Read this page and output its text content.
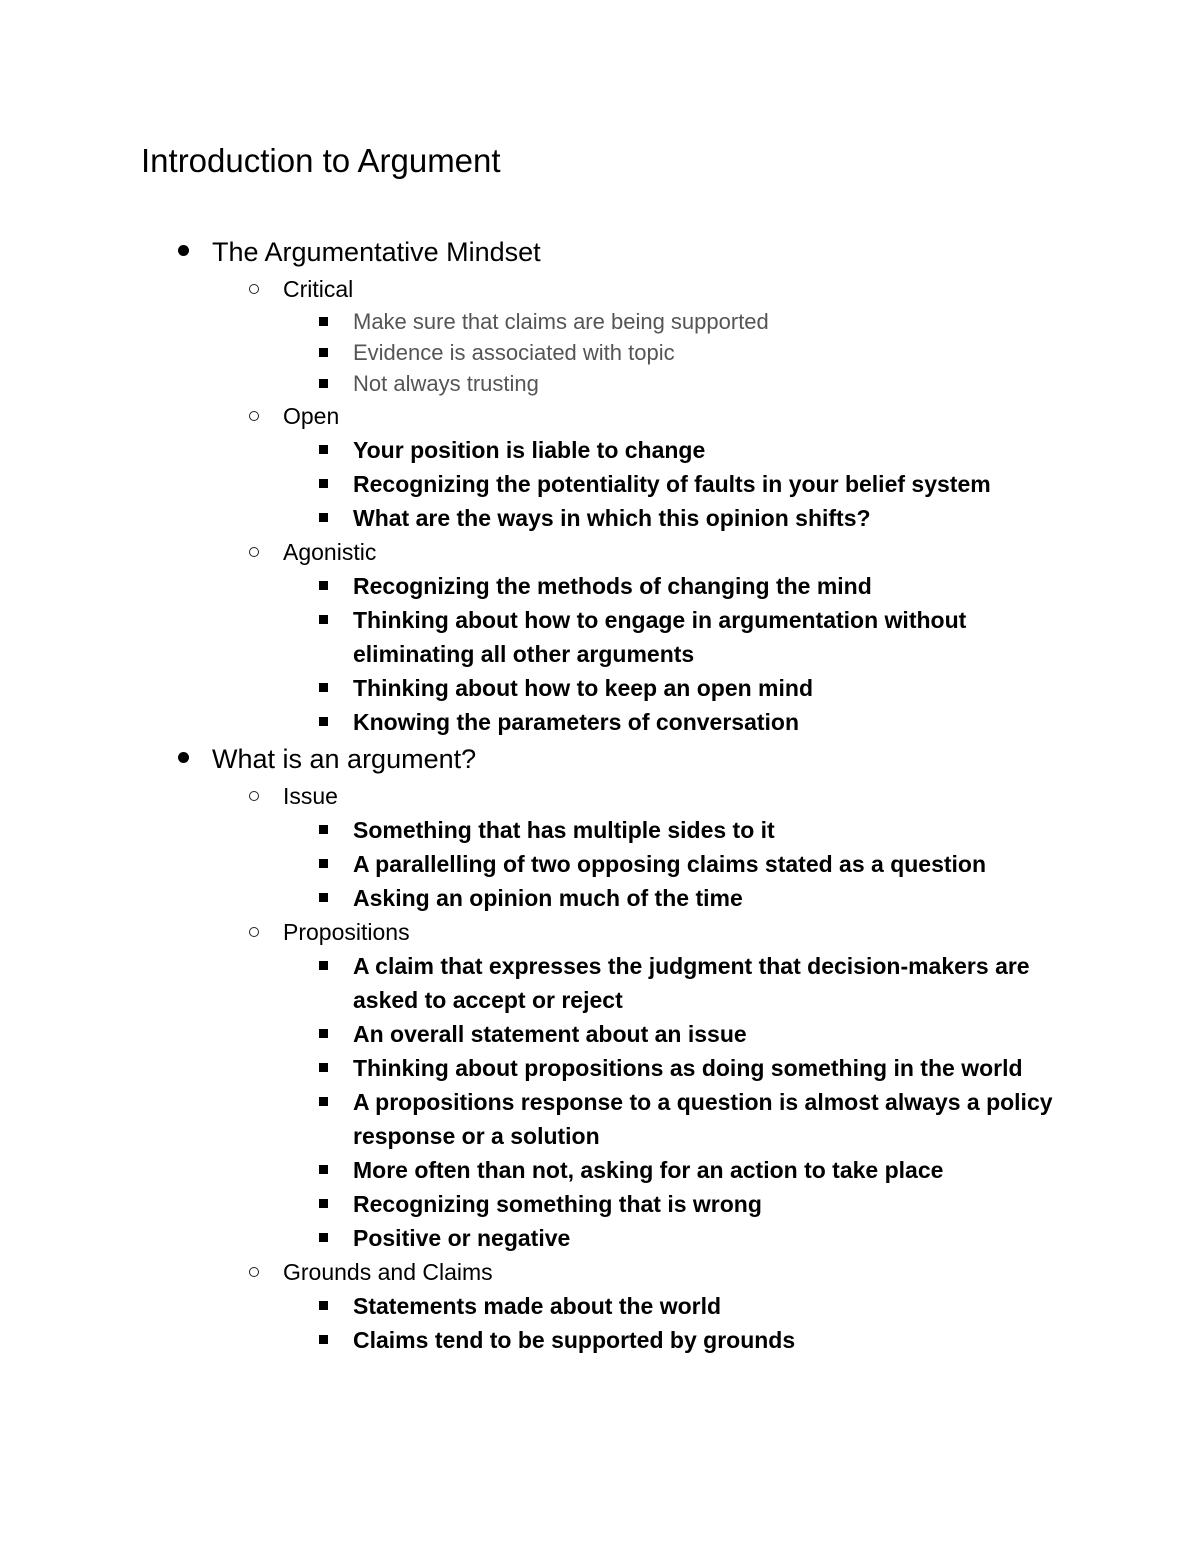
Introduction to Argument
The Argumentative Mindset
Critical
Make sure that claims are being supported
Evidence is associated with topic
Not always trusting
Open
Your position is liable to change
Recognizing the potentiality of faults in your belief system
What are the ways in which this opinion shifts?
Agonistic
Recognizing the methods of changing the mind
Thinking about how to engage in argumentation without eliminating all other arguments
Thinking about how to keep an open mind
Knowing the parameters of conversation
What is an argument?
Issue
Something that has multiple sides to it
A parallelling of two opposing claims stated as a question
Asking an opinion much of the time
Propositions
A claim that expresses the judgment that decision-makers are asked to accept or reject
An overall statement about an issue
Thinking about propositions as doing something in the world
A propositions response to a question is almost always a policy response or a solution
More often than not, asking for an action to take place
Recognizing something that is wrong
Positive or negative
Grounds and Claims
Statements made about the world
Claims tend to be supported by grounds
